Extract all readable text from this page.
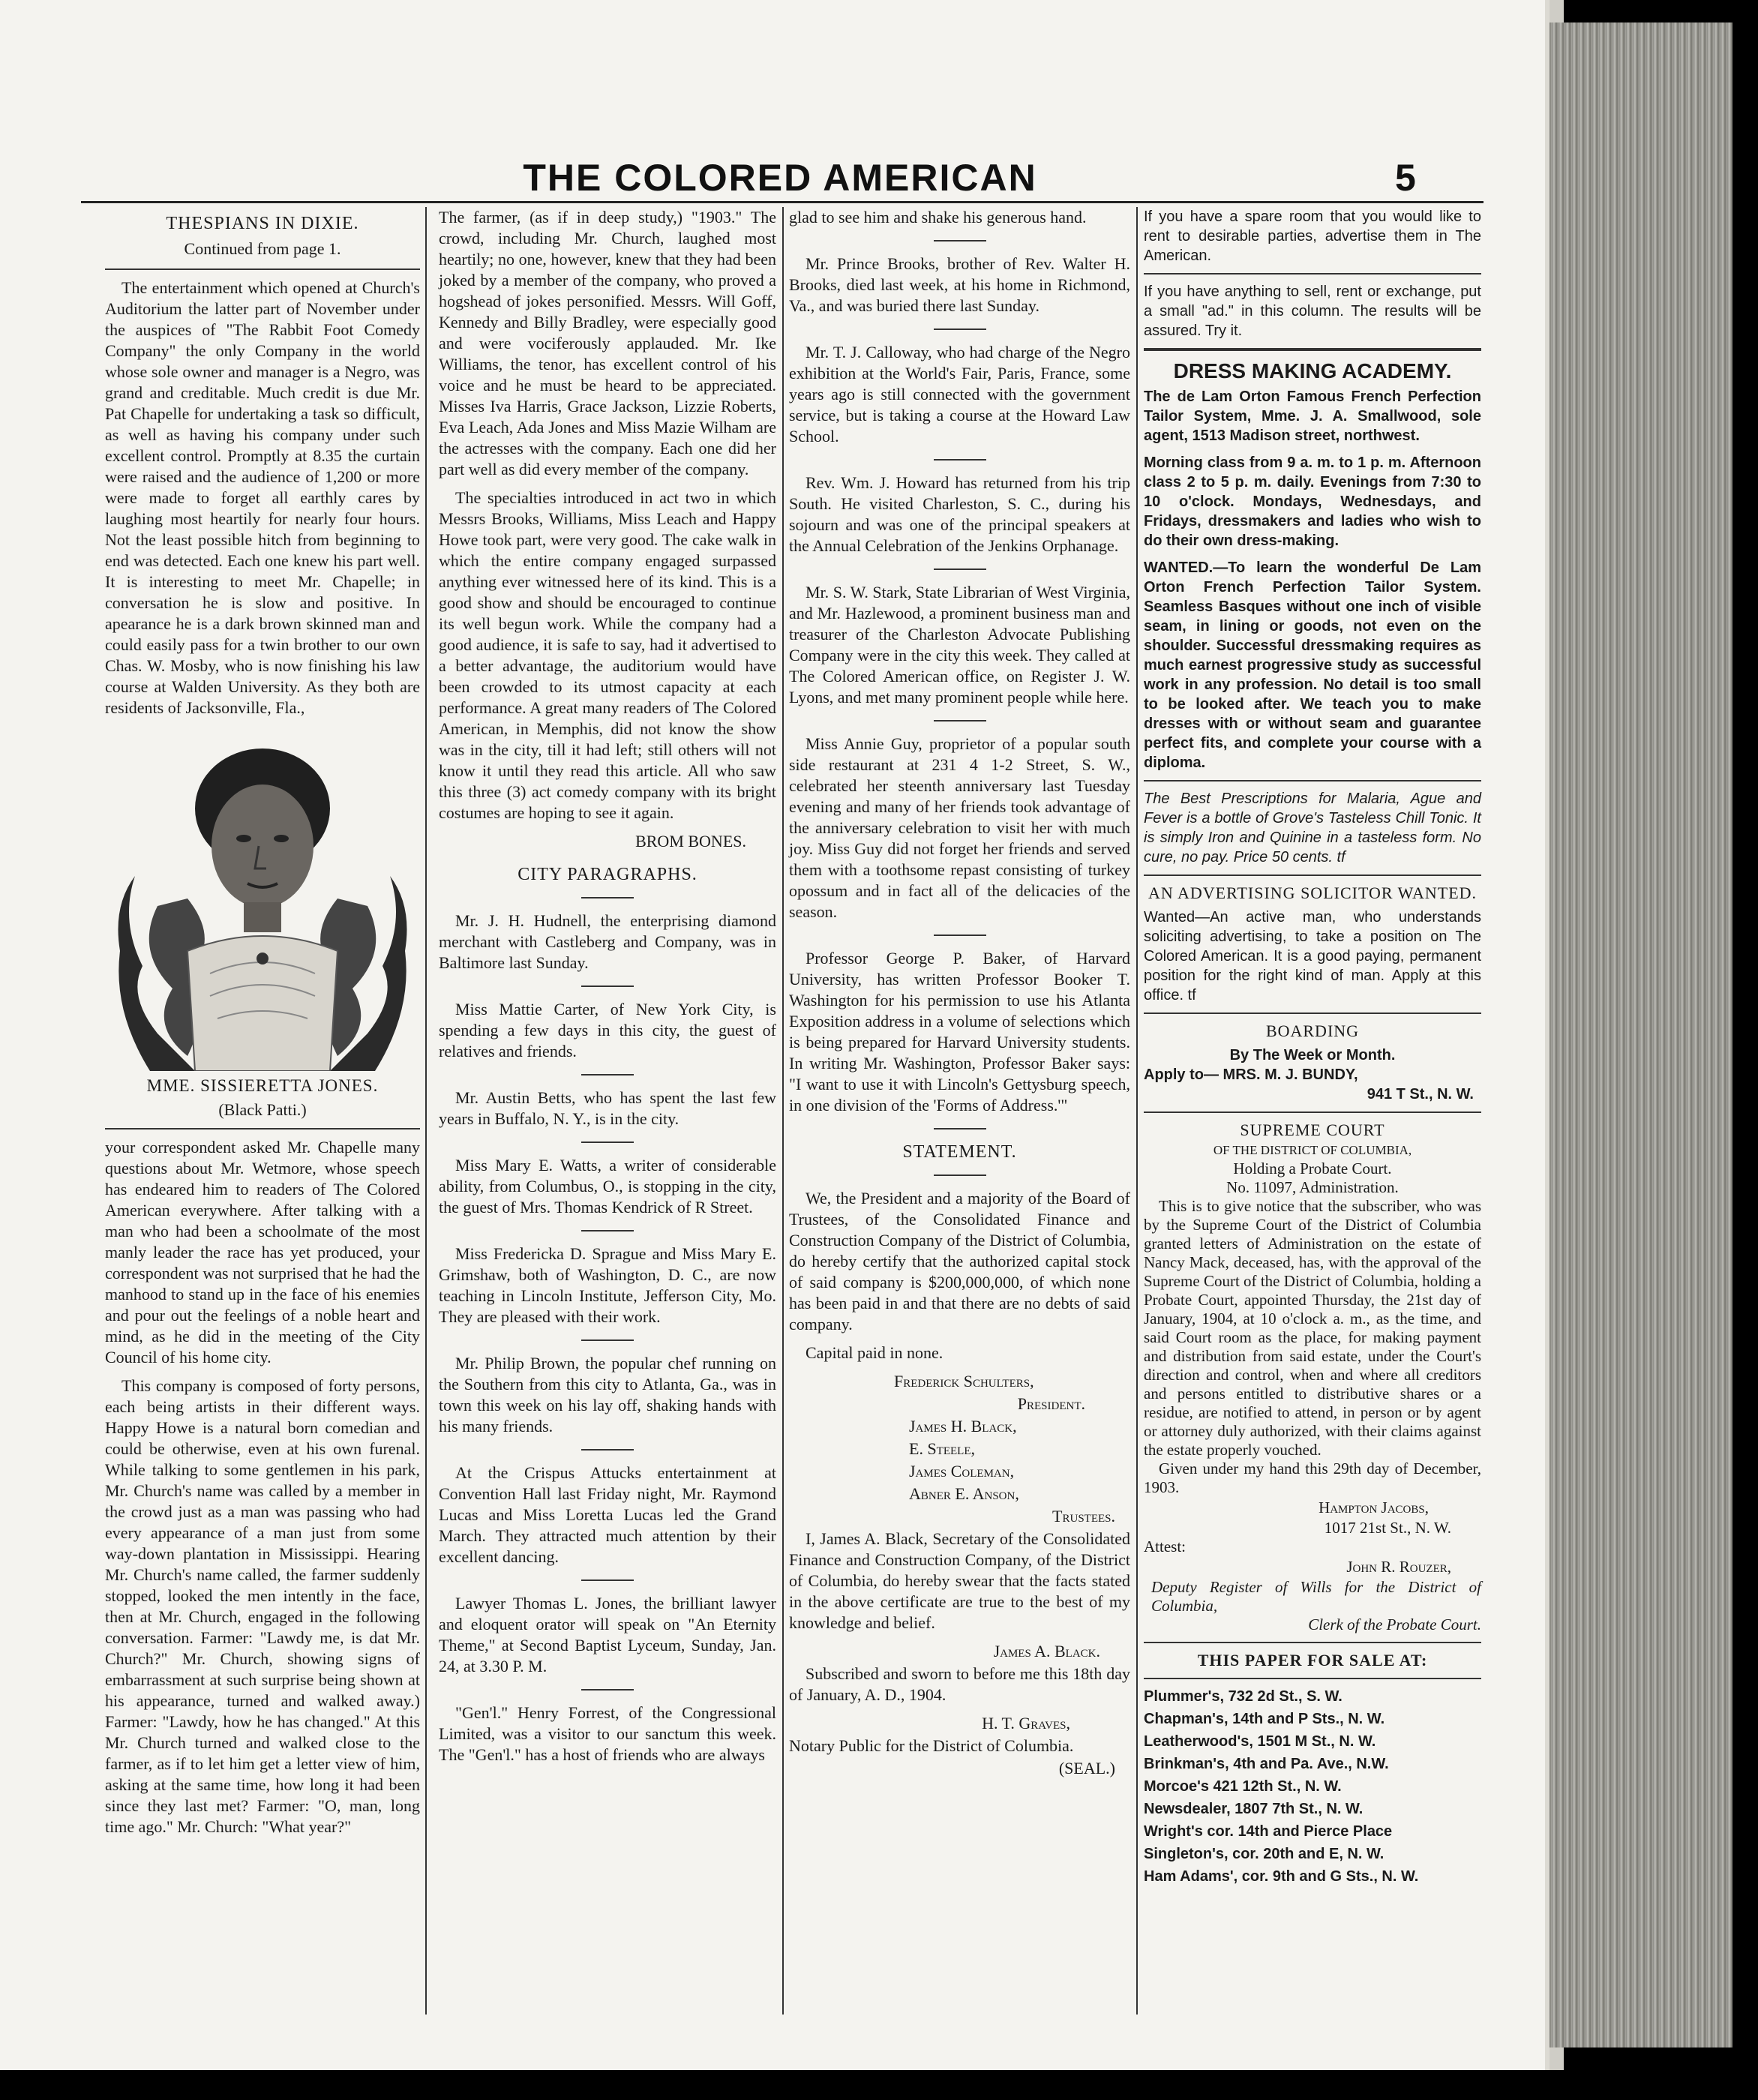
THE COLORED AMERICAN	5
THESPIANS IN DIXIE.
Continued from page 1.

The entertainment which opened at Church's Auditorium the latter part of November under the auspices of "The Rabbit Foot Comedy Company" the only Company in the world whose sole owner and manager is a Negro, was grand and creditable. Much credit is due Mr. Pat Chapelle for undertaking a task so difficult, as well as having his company under such excellent control. Promptly at 8.35 the curtain were raised and the audience of 1,200 or more were made to forget all earthly cares by laughing most heartily for nearly four hours. Not the least possible hitch from beginning to end was detected. Each one knew his part well. It is interesting to meet Mr. Chapelle; in conversation he is slow and positive. In apearance he is a dark brown skinned man and could easily pass for a twin brother to our own Chas. W. Mosby, who is now finishing his law course at Walden University. As they both are residents of Jacksonville, Fla.,

MME. SISSIERETTA JONES.
(Black Patti.)

your correspondent asked Mr. Chapelle many questions about Mr. Wetmore, whose speech has endeared him to readers of The Colored American everywhere. After talking with a man who had been a schoolmate of the most manly leader the race has yet produced, your correspondent was not surprised that he had the manhood to stand up in the face of his enemies and pour out the feelings of a noble heart and mind, as he did in the meeting of the City Council of his home city.

This company is composed of forty persons, each being artists in their different ways. Happy Howe is a natural born comedian and could be otherwise, even at his own furenal. While talking to some gentlemen in his park, Mr. Church's name was called by a member in the crowd just as a man was passing who had every appearance of a man just from some way-down plantation in Mississippi. Hearing Mr. Church's name called, the farmer suddenly stopped, looked the men intently in the face, then at Mr. Church, engaged in the following conversation. Farmer: "Lawdy me, is dat Mr. Church?" Mr. Church, showing signs of embarrassment at such surprise being shown at his appearance, turned and walked away.) Farmer: "Lawdy, how he has changed." At this Mr. Church turned and walked close to the farmer, as if to let him get a letter view of him, asking at the same time, how long it had been since they last met? Farmer: "O, man, long time ago." Mr. Church: "What year?"

The farmer, (as if in deep study,) "1903." The crowd, including Mr. Church, laughed most heartily; no one, however, knew that they had been joked by a member of the company, who proved a hogshead of jokes personified. Messrs. Will Goff, Kennedy and Billy Bradley, were especially good and were vociferously applauded. Mr. Ike Williams, the tenor, has excellent control of his voice and he must be heard to be appreciated. Misses Iva Harris, Grace Jackson, Lizzie Roberts, Eva Leach, Ada Jones and Miss Mazie Wilham are the actresses with the company. Each one did her part well as did every member of the company.

The specialties introduced in act two in which Messrs Brooks, Williams, Miss Leach and Happy Howe took part, were very good. The cake walk in which the entire company engaged surpassed anything ever witnessed here of its kind. This is a good show and should be encouraged to continue its well begun work. While the company had a good audience, it is safe to say, had it advertised to a better advantage, the auditorium would have been crowded to its utmost capacity at each performance. A great many readers of The Colored American, in Memphis, did not know the show was in the city, till it had left; still others will not know it until they read this article. All who saw this three (3) act comedy company with its bright costumes are hoping to see it again.

BROM BONES.
CITY PARAGRAPHS.

Mr. J. H. Hudnell, the enterprising diamond merchant with Castleberg and Company, was in Baltimore last Sunday.

Miss Mattie Carter, of New York City, is spending a few days in this city, the guest of relatives and friends.

Mr. Austin Betts, who has spent the last few years in Buffalo, N. Y., is in the city.

Miss Mary E. Watts, a writer of considerable ability, from Columbus, O., is stopping in the city, the guest of Mrs. Thomas Kendrick of R Street.

Miss Fredericka D. Sprague and Miss Mary E. Grimshaw, both of Washington, D. C., are now teaching in Lincoln Institute, Jefferson City, Mo. They are pleased with their work.

Mr. Philip Brown, the popular chef running on the Southern from this city to Atlanta, Ga., was in town this week on his lay off, shaking hands with his many friends.

At the Crispus Attucks entertainment at Convention Hall last Friday night, Mr. Raymond Lucas and Miss Loretta Lucas led the Grand March. They attracted much attention by their excellent dancing.

Lawyer Thomas L. Jones, the brilliant lawyer and eloquent orator will speak on "An Eternity Theme," at Second Baptist Lyceum, Sunday, Jan. 24, at 3.30 P. M.

"Gen'l." Henry Forrest, of the Congressional Limited, was a visitor to our sanctum this week. The "Gen'l." has a host of friends who are always

glad to see him and shake his generous hand.

Mr. Prince Brooks, brother of Rev. Walter H. Brooks, died last week, at his home in Richmond, Va., and was buried there last Sunday.

Mr. T. J. Calloway, who had charge of the Negro exhibition at the World's Fair, Paris, France, some years ago is still connected with the government service, but is taking a course at the Howard Law School.

Rev. Wm. J. Howard has returned from his trip South. He visited Charleston, S. C., during his sojourn and was one of the principal speakers at the Annual Celebration of the Jenkins Orphanage.

Mr. S. W. Stark, State Librarian of West Virginia, and Mr. Hazlewood, a prominent business man and treasurer of the Charleston Advocate Publishing Company were in the city this week. They called at The Colored American office, on Register J. W. Lyons, and met many prominent people while here.

Miss Annie Guy, proprietor of a popular south side restaurant at 231 4 1-2 Street, S. W., celebrated her steenth anniversary last Tuesday evening and many of her friends took advantage of the anniversary celebration to visit her with much joy. Miss Guy did not forget her friends and served them with a toothsome repast consisting of turkey opossum and in fact all of the delicacies of the season.

Professor George P. Baker, of Harvard University, has written Professor Booker T. Washington for his permission to use his Atlanta Exposition address in a volume of selections which is being prepared for Harvard University students. In writing Mr. Washington, Professor Baker says: "I want to use it with Lincoln's Gettysburg speech, in one division of the 'Forms of Address.'"

STATEMENT.

We, the President and a majority of the Board of Trustees, of the Consolidated Finance and Construction Company of the District of Columbia, do hereby certify that the authorized capital stock of said company is $200,000,000, of which none has been paid in and that there are no debts of said company.

Capital paid in none.

Frederick Schulters,
President.
James H. Black,
E. Steele,
James Coleman,
Abner E. Anson,
Trustees.

I, James A. Black, Secretary of the Consolidated Finance and Construction Company, of the District of Columbia, do hereby swear that the facts stated in the above certificate are true to the best of my knowledge and belief.

James A. Black.

Subscribed and sworn to before me this 18th day of January, A. D., 1904.

H. T. Graves,

Notary Public for the District of Columbia.

(SEAL.)

If you have a spare room that you would like to rent to desirable parties, advertise them in The American.

If you have anything to sell, rent or exchange, put a small "ad." in this column. The results will be assured. Try it.

DRESS MAKING ACADEMY.

The de Lam Orton Famous French Perfection Tailor System, Mme. J. A. Smallwood, sole agent, 1513 Madison street, northwest.

Morning class from 9 a. m. to 1 p. m. Afternoon class 2 to 5 p. m. daily. Evenings from 7:30 to 10 o'clock. Mondays, Wednesdays, and Fridays, dressmakers and ladies who wish to do their own dress-making.

WANTED.—To learn the wonderful De Lam Orton French Perfection Tailor System. Seamless Basques without one inch of visible seam, in lining or goods, not even on the shoulder. Successful dressmaking requires as much earnest progressive study as successful work in any profession. No detail is too small to be looked after. We teach you to make dresses with or without seam and guarantee perfect fits, and complete your course with a diploma.

The Best Prescriptions for Malaria, Ague and Fever is a bottle of Grove's Tasteless Chill Tonic. It is simply Iron and Quinine in a tasteless form. No cure, no pay. Price 50 cents. tf

AN ADVERTISING SOLICITOR WANTED.

Wanted—An active man, who understands soliciting advertising, to take a position on The Colored American. It is a good paying, permanent position for the right kind of man. Apply at this office. tf

BOARDING

By The Week or Month.

Apply to— MRS. M. J. BUNDY,

941 T St., N. W.

SUPREME COURT
OF THE DISTRICT OF COLUMBIA,
Holding a Probate Court.
No. 11097, Administration.

This is to give notice that the subscriber, who was by the Supreme Court of the District of Columbia granted letters of Administration on the estate of Nancy Mack, deceased, has, with the approval of the Supreme Court of the District of Columbia, holding a Probate Court, appointed Thursday, the 21st day of January, 1904, at 10 o'clock a. m., as the time, and said Court room as the place, for making payment and distribution from said estate, under the Court's direction and control, when and where all creditors and persons entitled to distributive shares or a residue, are notified to attend, in person or by agent or attorney duly authorized, with their claims against the estate properly vouched.

Given under my hand this 29th day of December, 1903.

Hampton Jacobs,
1017 21st St., N. W.
Attest:
John R. Rouzer,
Deputy Register of Wills for the District of Columbia,
Clerk of the Probate Court.
THIS PAPER FOR SALE AT:
Plummer's, 732 2d St., S. W.
Chapman's, 14th and P Sts., N. W.
Leatherwood's, 1501 M St., N. W.
Brinkman's, 4th and Pa. Ave., N.W.
Morcoe's 421 12th St., N. W.
Newsdealer, 1807 7th St., N. W.
Wright's cor. 14th and Pierce Place
Singleton's, cor. 20th and E, N. W.
Ham Adams', cor. 9th and G Sts., N. W.
